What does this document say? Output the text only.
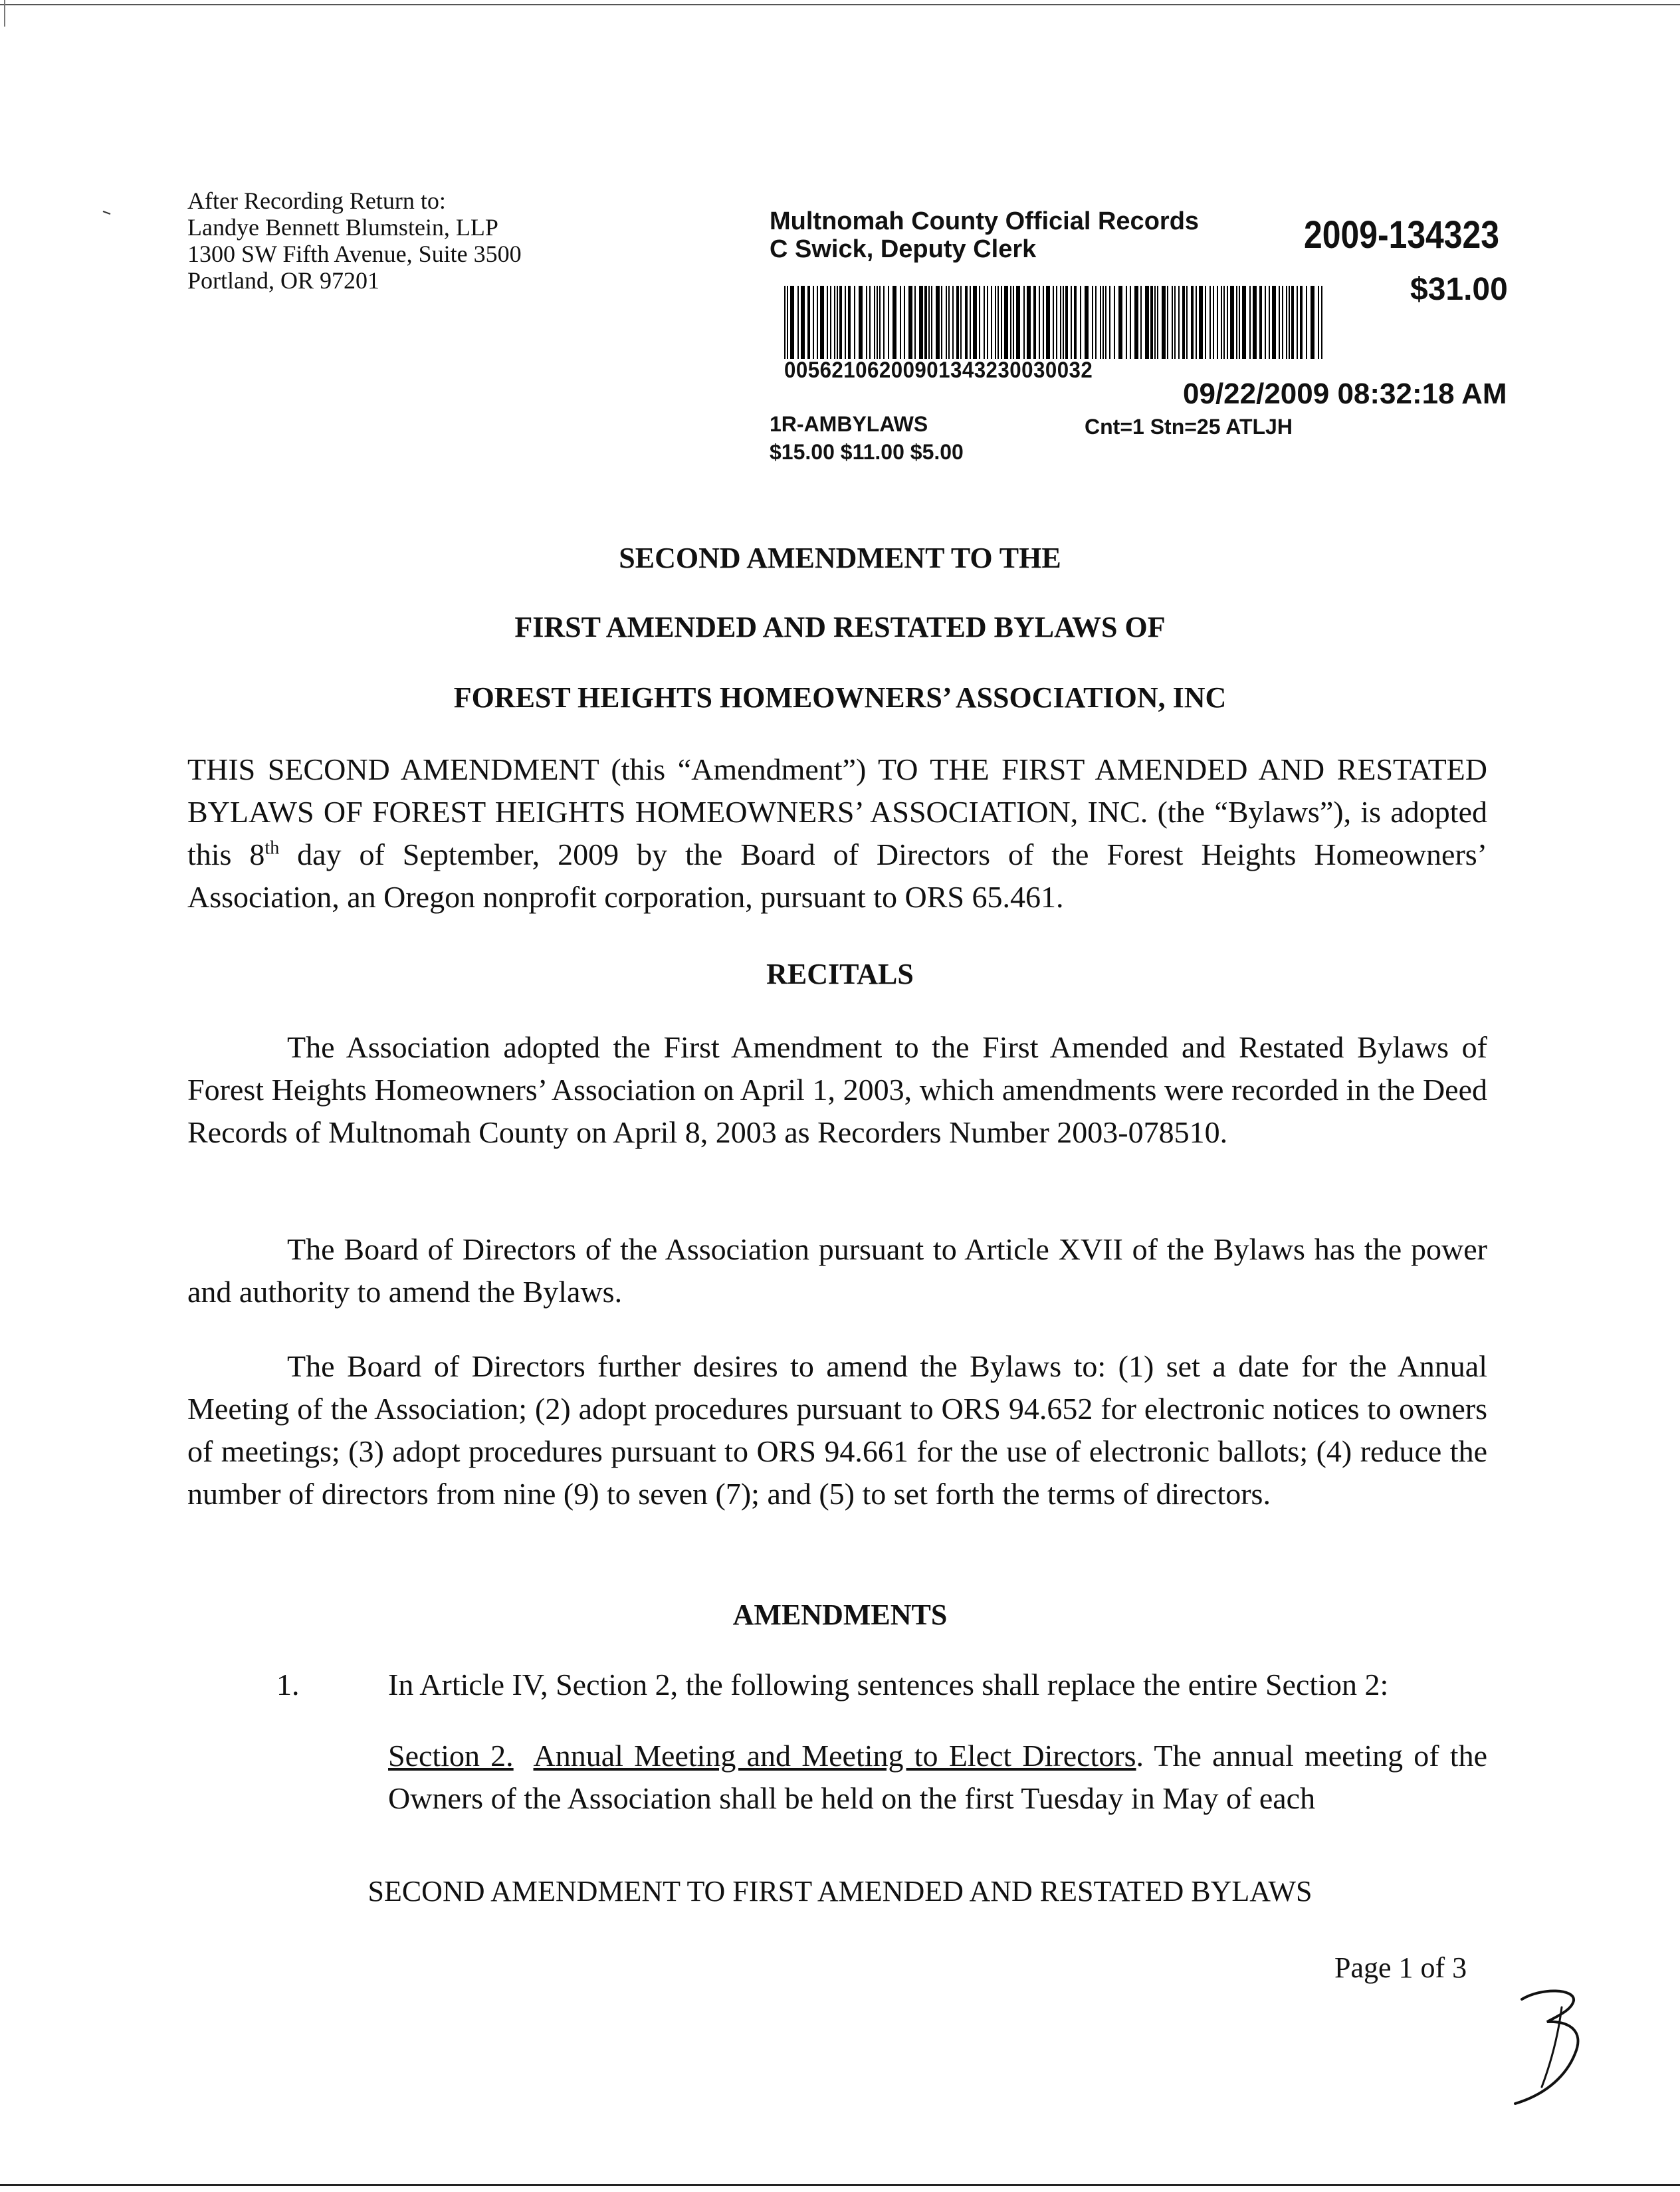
After Recording Return to:
Landye Bennett Blumstein, LLP
1300 SW Fifth Avenue, Suite 3500
Portland, OR 97201
Multnomah County Official Records
C Swick, Deputy Clerk	2009-134323
00562106200901343230030032
$31.00
09/22/2009 08:32:18 AM
1R-AMBYLAWS
$15.00 $11.00 $5.00
Cnt=1 Stn=25 ATLJH
SECOND AMENDMENT TO THE
FIRST AMENDED AND RESTATED BYLAWS OF
FOREST HEIGHTS HOMEOWNERS’ ASSOCIATION, INC
THIS SECOND AMENDMENT (this “Amendment”) TO THE FIRST AMENDED AND RESTATED BYLAWS OF FOREST HEIGHTS HOMEOWNERS’ ASSOCIATION, INC. (the “Bylaws”), is adopted this 8th day of September, 2009 by the Board of Directors of the Forest Heights Homeowners’ Association, an Oregon nonprofit corporation, pursuant to ORS 65.461.
RECITALS
The Association adopted the First Amendment to the First Amended and Restated Bylaws of Forest Heights Homeowners’ Association on April 1, 2003, which amendments were recorded in the Deed Records of Multnomah County on April 8, 2003 as Recorders Number 2003-078510.
The Board of Directors of the Association pursuant to Article XVII of the Bylaws has the power and authority to amend the Bylaws.
The Board of Directors further desires to amend the Bylaws to: (1) set a date for the Annual Meeting of the Association; (2) adopt procedures pursuant to ORS 94.652 for electronic notices to owners of meetings; (3) adopt procedures pursuant to ORS 94.661 for the use of electronic ballots; (4) reduce the number of directors from nine (9) to seven (7); and (5) to set forth the terms of directors.
AMENDMENTS
1.	In Article IV, Section 2, the following sentences shall replace the entire Section 2:
Section 2. Annual Meeting and Meeting to Elect Directors. The annual meeting of the Owners of the Association shall be held on the first Tuesday in May of each
SECOND AMENDMENT TO FIRST AMENDED AND RESTATED BYLAWS
Page 1 of 3
